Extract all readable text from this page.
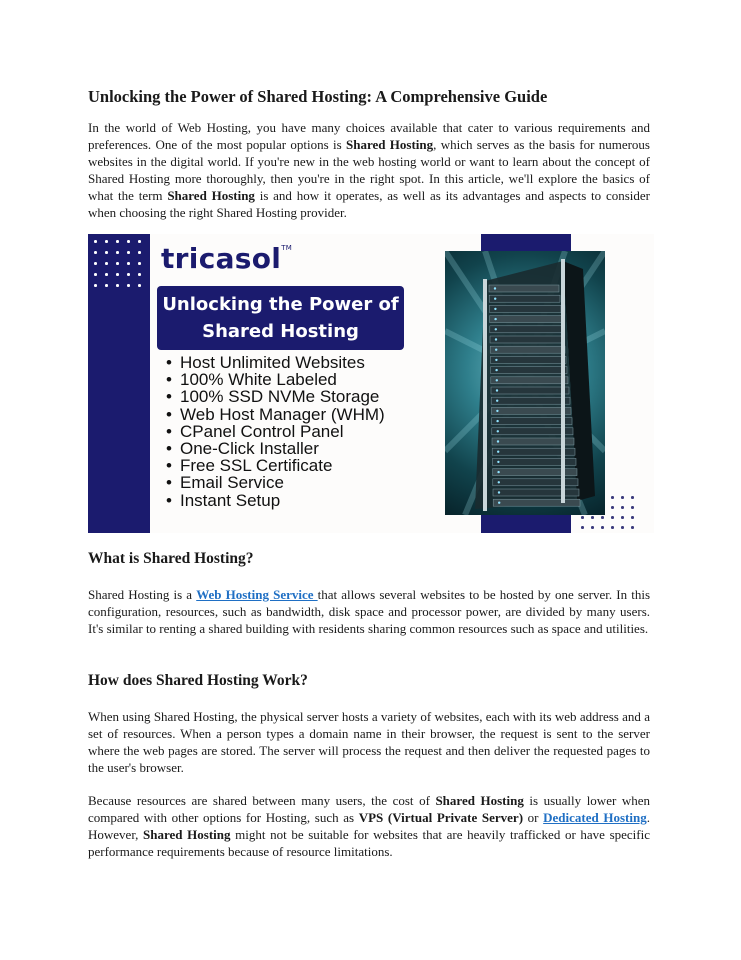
Unlocking the Power of Shared Hosting: A Comprehensive Guide

In the world of Web Hosting, you have many choices available that cater to various requirements and preferences. One of the most popular options is Shared Hosting, which serves as the basis for numerous websites in the digital world. If you're new in the web hosting world or want to learn about the concept of Shared Hosting more thoroughly, then you're in the right spot. In this article, we'll explore the basics of what the term Shared Hosting is and how it operates, as well as its advantages and aspects to consider when choosing the right Shared Hosting provider.

tricasol™
Unlocking the Power of
Shared Hosting
• Host Unlimited Websites
• 100% White Labeled
• 100% SSD NVMe Storage
• Web Host Manager (WHM)
• CPanel Control Panel
• One-Click Installer
• Free SSL Certificate
• Email Service
• Instant Setup
What is Shared Hosting?

Shared Hosting is a Web Hosting Service that allows several websites to be hosted by one server. In this configuration, resources, such as bandwidth, disk space and processor power, are divided by many users. It's similar to renting a shared building with residents sharing common resources such as space and utilities.

How does Shared Hosting Work?

When using Shared Hosting, the physical server hosts a variety of websites, each with its web address and a set of resources. When a person types a domain name in their browser, the request is sent to the server where the web pages are stored. The server will process the request and then deliver the requested pages to the user's browser.

Because resources are shared between many users, the cost of Shared Hosting is usually lower when compared with other options for Hosting, such as VPS (Virtual Private Server) or Dedicated Hosting. However, Shared Hosting might not be suitable for websites that are heavily trafficked or have specific performance requirements because of resource limitations.
